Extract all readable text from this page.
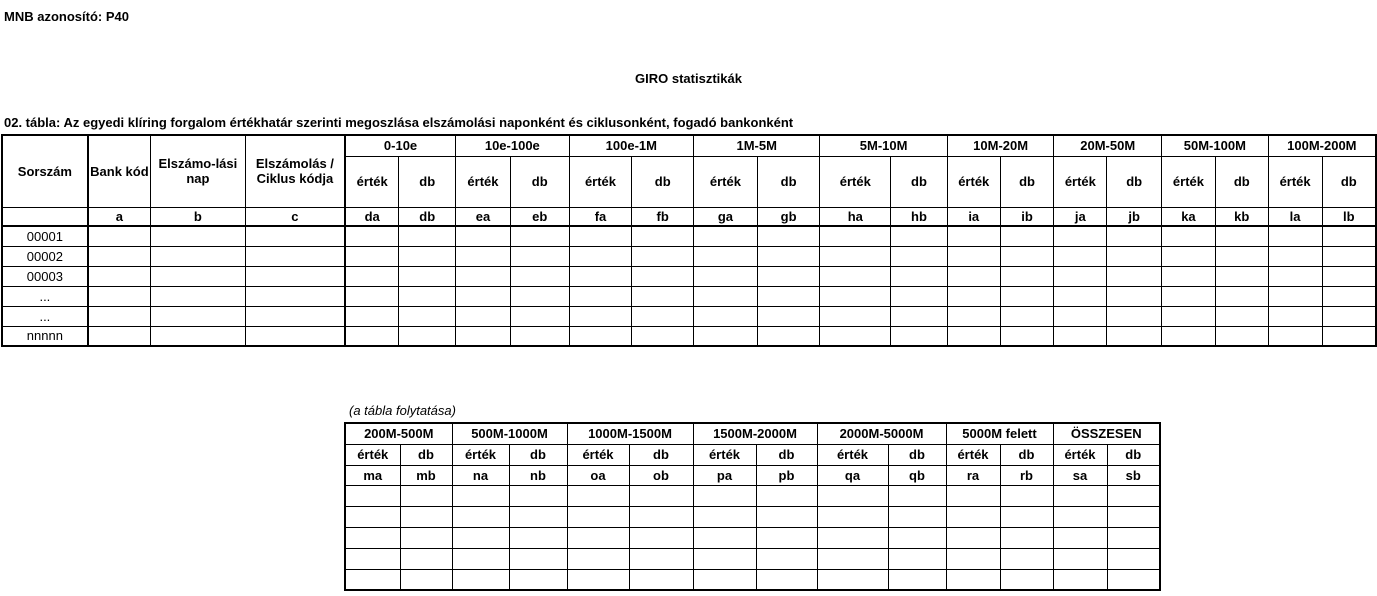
MNB azonosító: P40
GIRO statisztikák
02. tábla: Az egyedi klíring forgalom értékhatár szerinti megoszlása elszámolási naponként és ciklusonként, fogadó bankonként
Sorszám	Bank kód	Elszámo-lási nap	Elszámolás / Ciklus kódja	0-10e		10e-100e		100e-1M		1M-5M		5M-10M		10M-20M		20M-50M		50M-100M		100M-200M	
				érték	db	érték	db	érték	db	érték	db	érték	db	érték	db	érték	db	érték	db	érték	db

	a	b	c	da	db	ea	eb	fa	fb	ga	gb	ha	hb	ia	ib	ja	jb	ka	kb	la	lb
00001																					
00002																					
00003																					
...																					
...																					
nnnnn																					
(a tábla folytatása)
200M-500M		500M-1000M		1000M-1500M		1500M-2000M		2000M-5000M		5000M felett		ÖSSZESEN	
érték	db	érték	db	érték	db	érték	db	érték	db	érték	db	érték	db
ma	mb	na	nb	oa	ob	pa	pb	qa	qb	ra	rb	sa	sb
